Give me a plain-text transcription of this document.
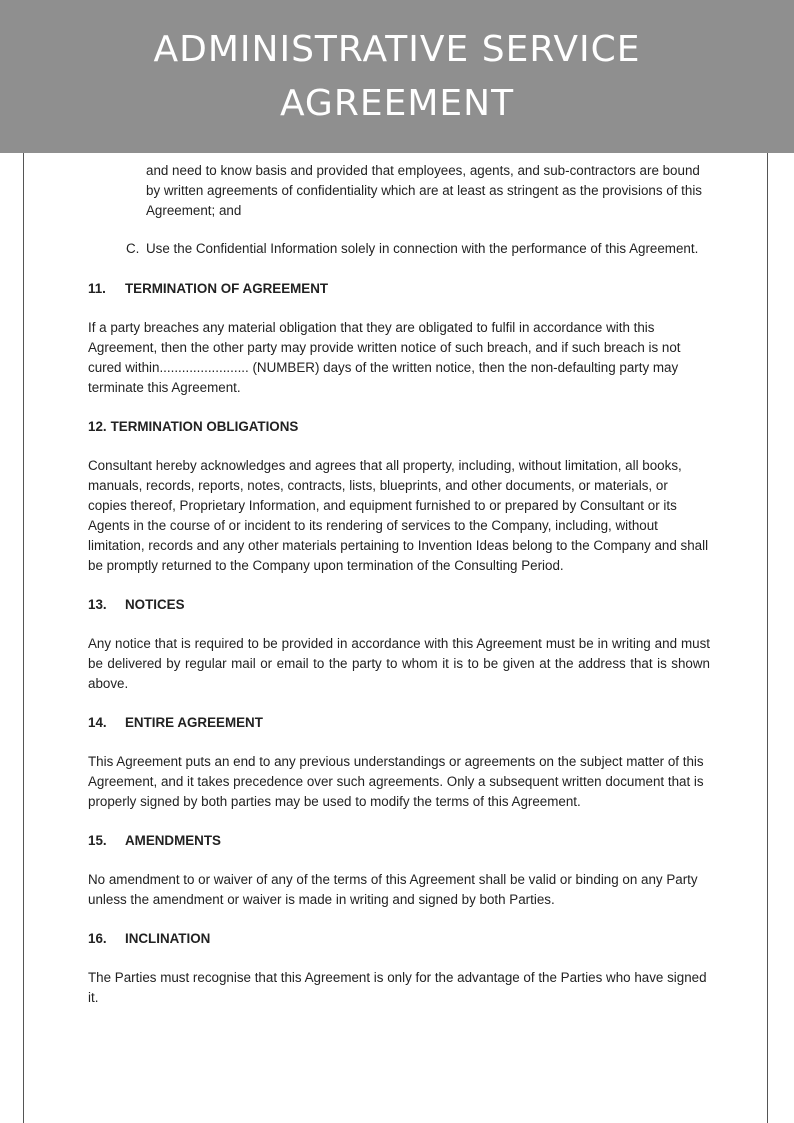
ADMINISTRATIVE SERVICE
AGREEMENT
and need to know basis and provided that employees, agents, and sub-contractors are bound by written agreements of confidentiality which are at least as stringent as the provisions of this Agreement; and
C. Use the Confidential Information solely in connection with the performance of this Agreement.
11.	TERMINATION OF AGREEMENT
If a party breaches any material obligation that they are obligated to fulfil in accordance with this Agreement, then the other party may provide written notice of such breach, and if such breach is not cured within........................ (NUMBER) days of the written notice, then the non-defaulting party may terminate this Agreement.
12. TERMINATION OBLIGATIONS
Consultant hereby acknowledges and agrees that all property, including, without limitation, all books, manuals, records, reports, notes, contracts, lists, blueprints, and other documents, or materials, or copies thereof, Proprietary Information, and equipment furnished to or prepared by Consultant or its Agents in the course of or incident to its rendering of services to the Company, including, without limitation, records and any other materials pertaining to Invention Ideas belong to the Company and shall be promptly returned to the Company upon termination of the Consulting Period.
13.	NOTICES
Any notice that is required to be provided in accordance with this Agreement must be in writing and must be delivered by regular mail or email to the party to whom it is to be given at the address that is shown above.
14.	ENTIRE AGREEMENT
This Agreement puts an end to any previous understandings or agreements on the subject matter of this Agreement, and it takes precedence over such agreements. Only a subsequent written document that is properly signed by both parties may be used to modify the terms of this Agreement.
15.	AMENDMENTS
No amendment to or waiver of any of the terms of this Agreement shall be valid or binding on any Party unless the amendment or waiver is made in writing and signed by both Parties.
16.	INCLINATION
The Parties must recognise that this Agreement is only for the advantage of the Parties who have signed it.
